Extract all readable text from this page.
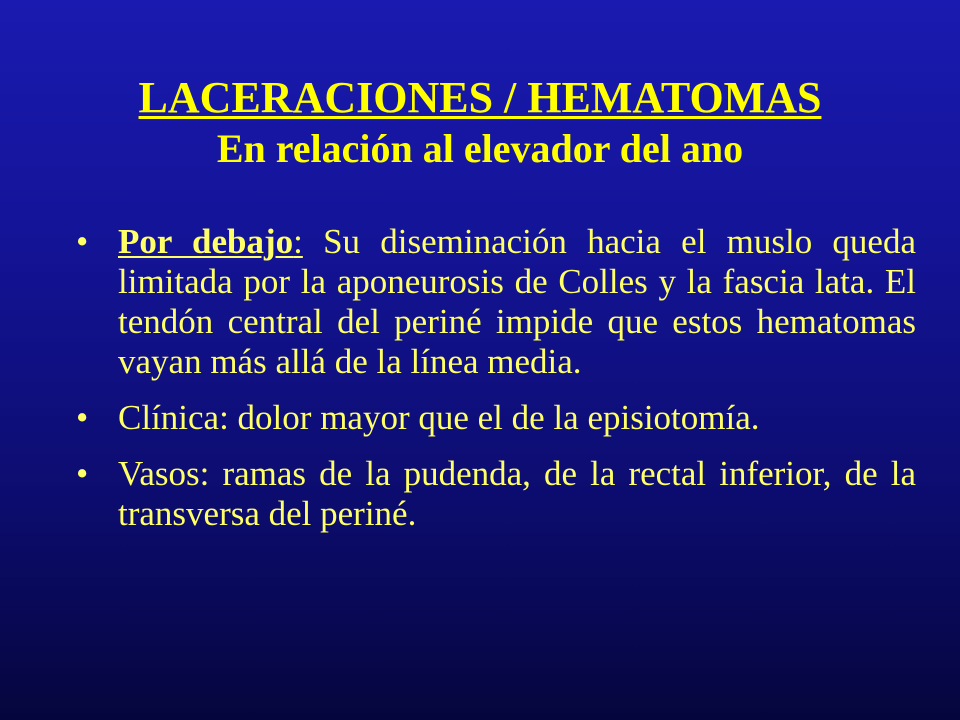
LACERACIONES / HEMATOMAS
En relación al elevador del ano
• Por debajo: Su diseminación hacia el muslo queda limitada por la aponeurosis de Colles y la fascia lata. El tendón central del periné impide que estos hematomas vayan más allá de la línea media.
• Clínica: dolor mayor que el de la episiotomía.
• Vasos: ramas de la pudenda, de la rectal inferior, de la transversa del periné.
